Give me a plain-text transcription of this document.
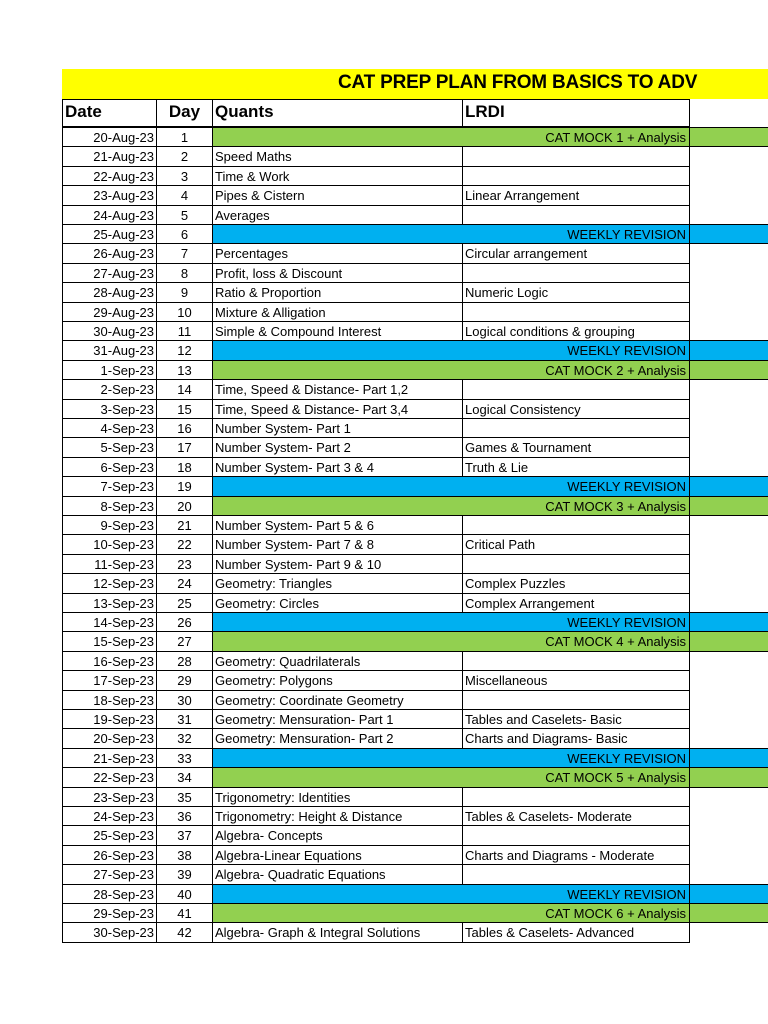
CAT PREP PLAN FROM BASICS TO ADV
Date	Day Quants	LRDI
20-Aug-23	1	CAT MOCK 1 + Analysis
21-Aug-23	2	Speed Maths
22-Aug-23	3	Time & Work
23-Aug-23	4	Pipes & Cistern	Linear Arrangement
24-Aug-23	5	Averages
25-Aug-23	6	WEEKLY REVISION
26-Aug-23	7	Percentages	Circular arrangement
27-Aug-23	8	Profit, loss & Discount
28-Aug-23	9	Ratio & Proportion	Numeric Logic
29-Aug-23	10	Mixture & Alligation
30-Aug-23	11	Simple & Compound Interest	Logical conditions & grouping
31-Aug-23	12	WEEKLY REVISION
1-Sep-23	13	CAT MOCK 2 + Analysis
2-Sep-23	14	Time, Speed & Distance- Part 1,2
3-Sep-23	15	Time, Speed & Distance- Part 3,4	Logical Consistency
4-Sep-23	16	Number System- Part 1
5-Sep-23	17	Number System- Part 2	Games & Tournament
6-Sep-23	18	Number System- Part 3 & 4	Truth & Lie
7-Sep-23	19	WEEKLY REVISION
8-Sep-23	20	CAT MOCK 3 + Analysis
9-Sep-23	21	Number System- Part 5 & 6
10-Sep-23	22	Number System- Part 7 & 8	Critical Path
11-Sep-23	23	Number System- Part 9 & 10
12-Sep-23	24	Geometry: Triangles	Complex Puzzles
13-Sep-23	25	Geometry: Circles	Complex Arrangement
14-Sep-23	26	WEEKLY REVISION
15-Sep-23	27	CAT MOCK 4 + Analysis
16-Sep-23	28	Geometry: Quadrilaterals
17-Sep-23	29	Geometry: Polygons	Miscellaneous
18-Sep-23	30	Geometry: Coordinate Geometry
19-Sep-23	31	Geometry: Mensuration- Part 1	Tables and Caselets- Basic
20-Sep-23	32	Geometry: Mensuration- Part 2	Charts and Diagrams- Basic
21-Sep-23	33	WEEKLY REVISION
22-Sep-23	34	CAT MOCK 5 + Analysis
23-Sep-23	35	Trigonometry: Identities
24-Sep-23	36	Trigonometry: Height & Distance	Tables & Caselets- Moderate
25-Sep-23	37	Algebra- Concepts
26-Sep-23	38	Algebra-Linear Equations	Charts and Diagrams - Moderate
27-Sep-23	39	Algebra- Quadratic Equations
28-Sep-23	40	WEEKLY REVISION
29-Sep-23	41	CAT MOCK 6 + Analysis
30-Sep-23	42	Algebra- Graph & Integral Solutions	Tables & Caselets- Advanced
